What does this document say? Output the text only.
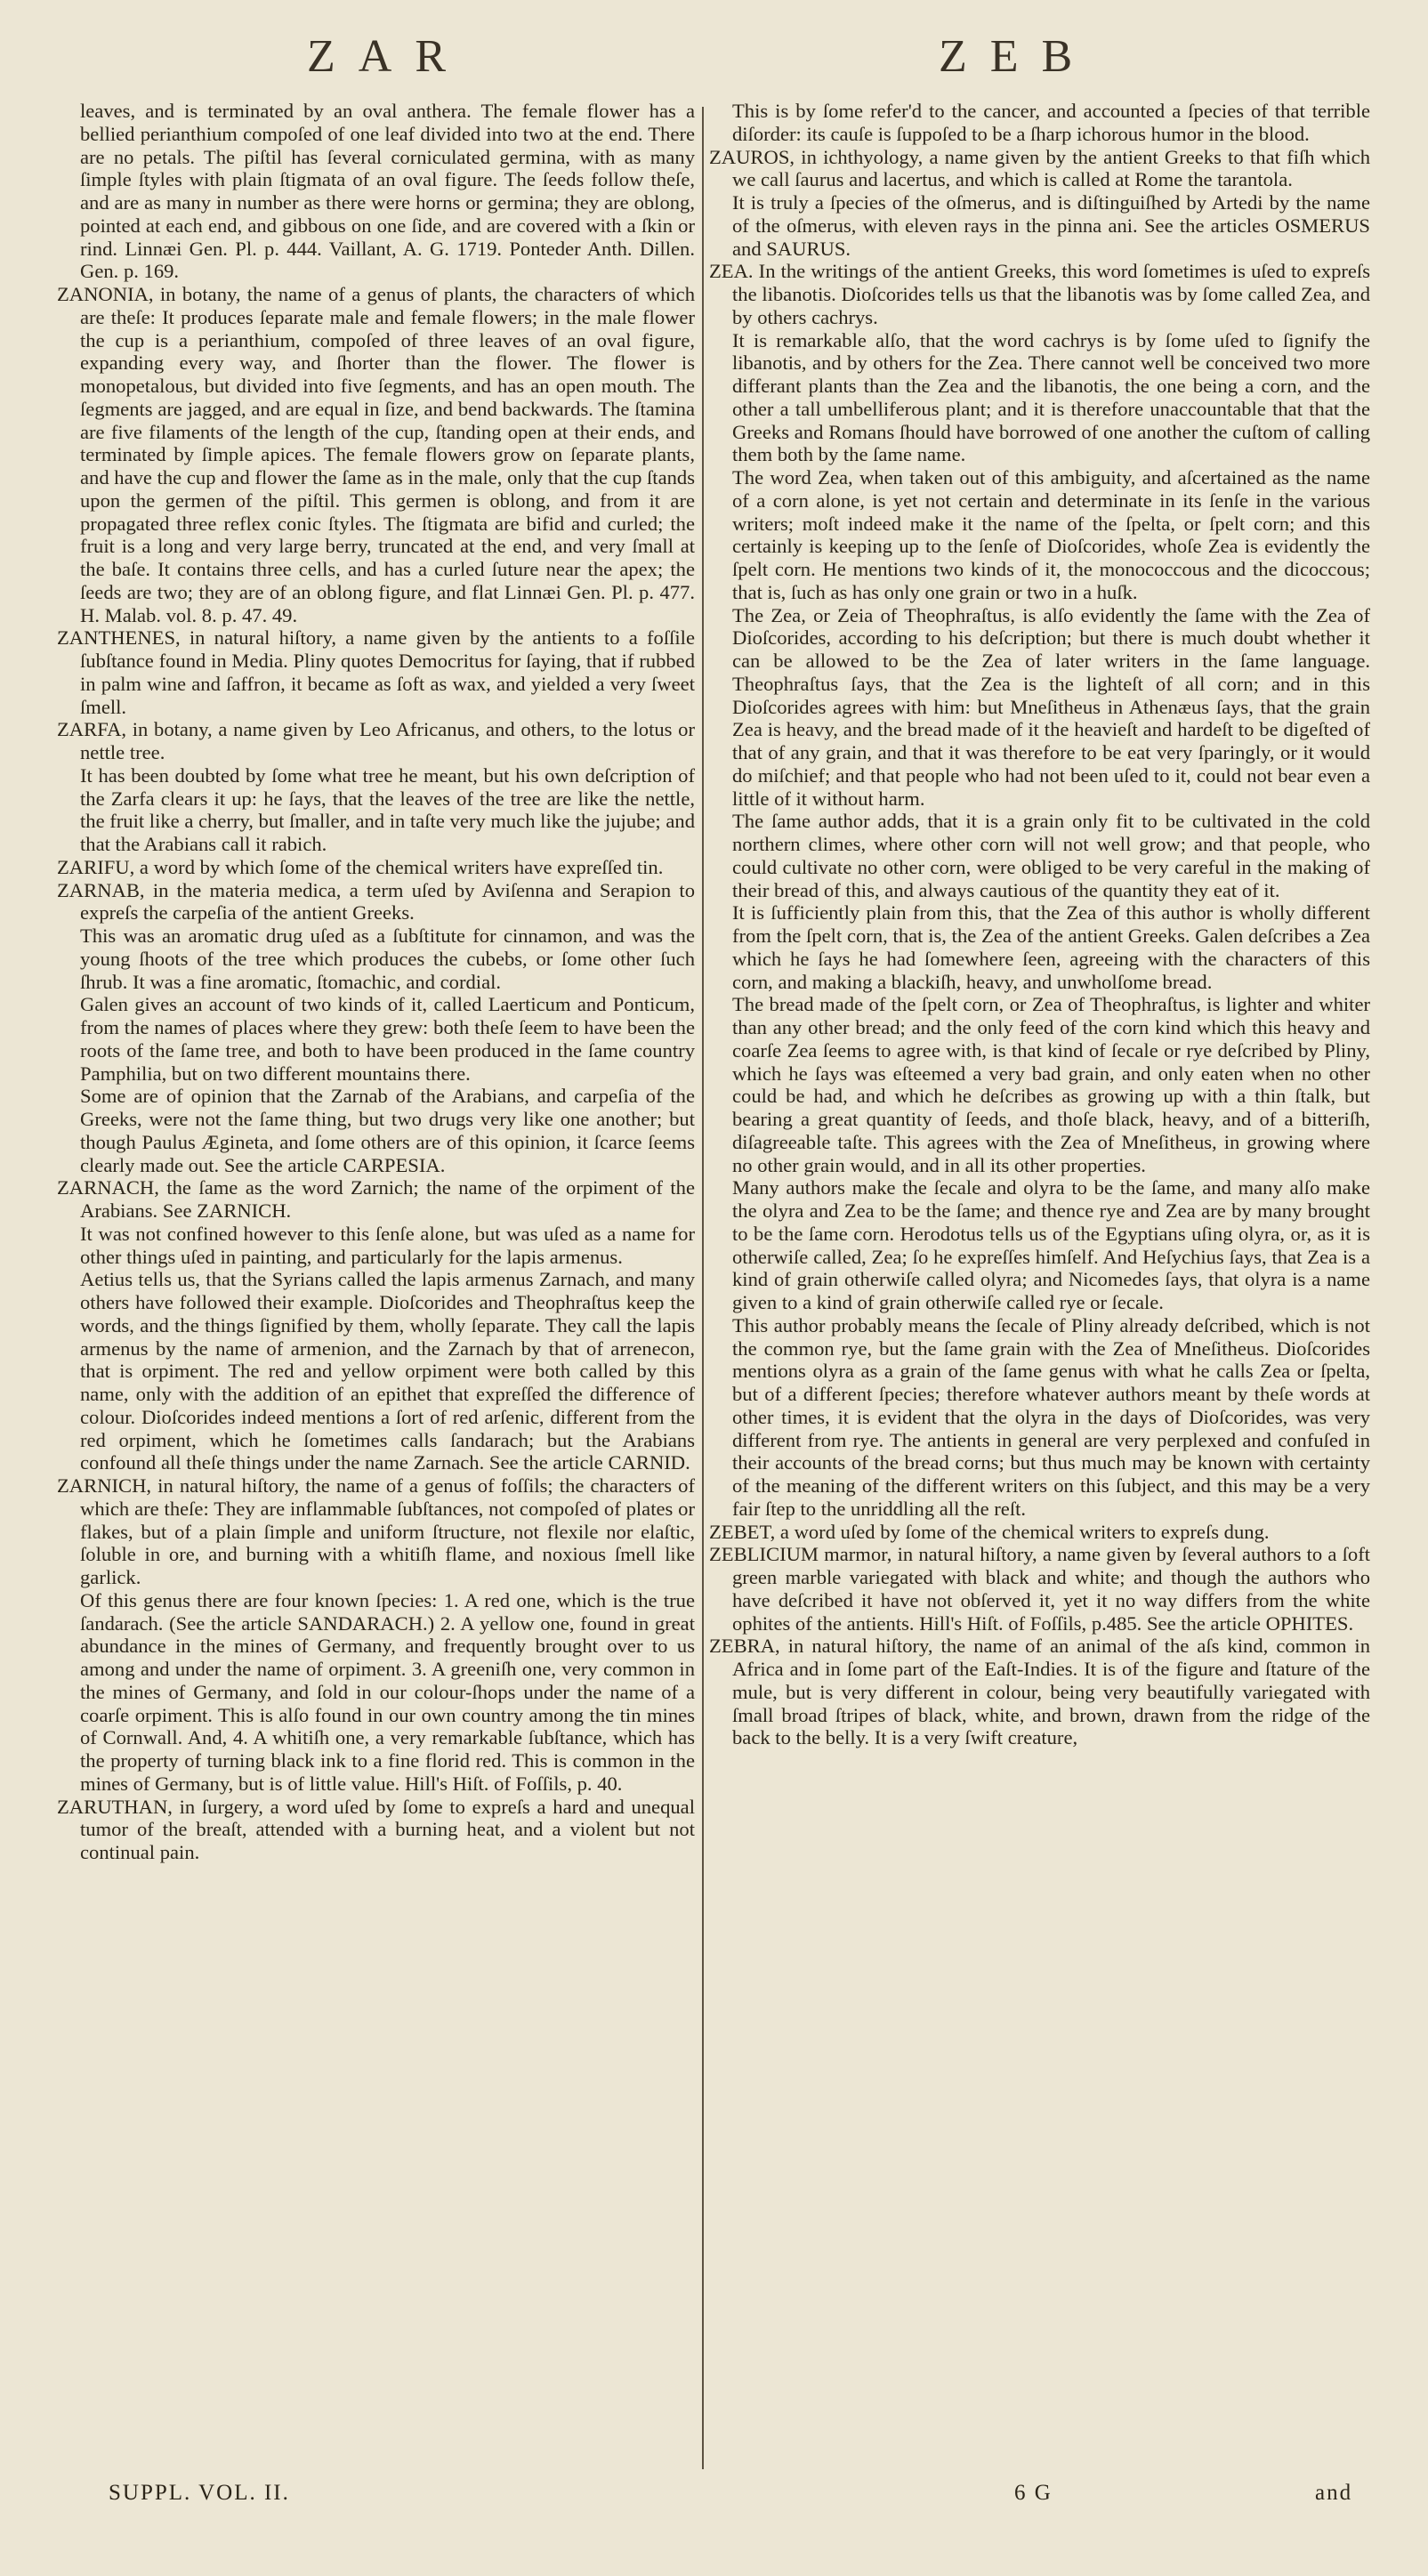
ZAR	ZEB

leaves, and is terminated by an oval anthera. The female flower has a bellied perianthium compoſed of one leaf divided into two at the end. There are no petals. The piſtil has ſeveral corniculated germina, with as many ſimple ſtyles with plain ſtigmata of an oval figure. The ſeeds follow theſe, and are as many in number as there were horns or germina; they are oblong, pointed at each end, and gibbous on one ſide, and are covered with a ſkin or rind. Linnæi Gen. Pl. p. 444. Vaillant, A. G. 1719. Ponteder Anth. Dillen. Gen. p. 169.

ZANONIA, in botany, the name of a genus of plants, the characters of which are theſe: It produces ſeparate male and female flowers; in the male flower the cup is a perianthium, compoſed of three leaves of an oval figure, expanding every way, and ſhorter than the flower. The flower is monopetalous, but divided into five ſegments, and has an open mouth. The ſegments are jagged, and are equal in ſize, and bend backwards. The ſtamina are five filaments of the length of the cup, ſtanding open at their ends, and terminated by ſimple apices. The female flowers grow on ſeparate plants, and have the cup and flower the ſame as in the male, only that the cup ſtands upon the germen of the piſtil. This germen is oblong, and from it are propagated three reflex conic ſtyles. The ſtigmata are bifid and curled; the fruit is a long and very large berry, truncated at the end, and very ſmall at the baſe. It contains three cells, and has a curled ſuture near the apex; the ſeeds are two; they are of an oblong figure, and flat Linnæi Gen. Pl. p. 477. H. Malab. vol. 8. p. 47. 49.

ZANTHENES, in natural hiſtory, a name given by the antients to a foſſile ſubſtance found in Media. Pliny quotes Democritus for ſaying, that if rubbed in palm wine and ſaffron, it became as ſoft as wax, and yielded a very ſweet ſmell.

ZARFA, in botany, a name given by Leo Africanus, and others, to the lotus or nettle tree.

It has been doubted by ſome what tree he meant, but his own deſcription of the Zarfa clears it up: he ſays, that the leaves of the tree are like the nettle, the fruit like a cherry, but ſmaller, and in taſte very much like the jujube; and that the Arabians call it rabich.

ZARIFU, a word by which ſome of the chemical writers have expreſſed tin.

ZARNAB, in the materia medica, a term uſed by Aviſenna and Serapion to expreſs the carpeſia of the antient Greeks.

This was an aromatic drug uſed as a ſubſtitute for cinnamon, and was the young ſhoots of the tree which produces the cubebs, or ſome other ſuch ſhrub. It was a fine aromatic, ſtomachic, and cordial.

Galen gives an account of two kinds of it, called Laerticum and Ponticum, from the names of places where they grew: both theſe ſeem to have been the roots of the ſame tree, and both to have been produced in the ſame country Pamphilia, but on two different mountains there.

Some are of opinion that the Zarnab of the Arabians, and carpeſia of the Greeks, were not the ſame thing, but two drugs very like one another; but though Paulus Ægineta, and ſome others are of this opinion, it ſcarce ſeems clearly made out. See the article CARPESIA.

ZARNACH, the ſame as the word Zarnich; the name of the orpiment of the Arabians. See ZARNICH.

It was not confined however to this ſenſe alone, but was uſed as a name for other things uſed in painting, and particularly for the lapis armenus.

Aetius tells us, that the Syrians called the lapis armenus Zarnach, and many others have followed their example. Dioſcorides and Theophraſtus keep the words, and the things ſignified by them, wholly ſeparate. They call the lapis armenus by the name of armenion, and the Zarnach by that of arrenecon, that is orpiment. The red and yellow orpiment were both called by this name, only with the addition of an epithet that expreſſed the difference of colour. Dioſcorides indeed mentions a ſort of red arſenic, different from the red orpiment, which he ſometimes calls ſandarach; but the Arabians confound all theſe things under the name Zarnach. See the article CARNID.

ZARNICH, in natural hiſtory, the name of a genus of foſſils; the characters of which are theſe: They are inflammable ſubſtances, not compoſed of plates or flakes, but of a plain ſimple and uniform ſtructure, not flexile nor elaſtic, ſoluble in ore, and burning with a whitiſh flame, and noxious ſmell like garlick.

Of this genus there are four known ſpecies: 1. A red one, which is the true ſandarach. (See the article SANDARACH.) 2. A yellow one, found in great abundance in the mines of Germany, and frequently brought over to us among and under the name of orpiment. 3. A greeniſh one, very common in the mines of Germany, and ſold in our colour-ſhops under the name of a coarſe orpiment. This is alſo found in our own country among the tin mines of Cornwall. And, 4. A whitiſh one, a very remarkable ſubſtance, which has the property of turning black ink to a fine florid red. This is common in the mines of Germany, but is of little value. Hill's Hiſt. of Foſſils, p. 40.

ZARUTHAN, in ſurgery, a word uſed by ſome to expreſs a hard and unequal tumor of the breaſt, attended with a burning heat, and a violent but not continual pain.

This is by ſome refer'd to the cancer, and accounted a ſpecies of that terrible diſorder: its cauſe is ſuppoſed to be a ſharp ichorous humor in the blood.

ZAUROS, in ichthyology, a name given by the antient Greeks to that fiſh which we call ſaurus and lacertus, and which is called at Rome the tarantola.

It is truly a ſpecies of the oſmerus, and is diſtinguiſhed by Artedi by the name of the oſmerus, with eleven rays in the pinna ani. See the articles OSMERUS and SAURUS.

ZEA. In the writings of the antient Greeks, this word ſometimes is uſed to expreſs the libanotis. Dioſcorides tells us that the libanotis was by ſome called Zea, and by others cachrys.

It is remarkable alſo, that the word cachrys is by ſome uſed to ſignify the libanotis, and by others for the Zea. There cannot well be conceived two more differant plants than the Zea and the libanotis, the one being a corn, and the other a tall umbelliferous plant; and it is therefore unaccountable that that the Greeks and Romans ſhould have borrowed of one another the cuſtom of calling them both by the ſame name.

The word Zea, when taken out of this ambiguity, and aſcertained as the name of a corn alone, is yet not certain and determinate in its ſenſe in the various writers; moſt indeed make it the name of the ſpelta, or ſpelt corn; and this certainly is keeping up to the ſenſe of Dioſcorides, whoſe Zea is evidently the ſpelt corn. He mentions two kinds of it, the monococcous and the dicoccous; that is, ſuch as has only one grain or two in a huſk.

The Zea, or Zeia of Theophraſtus, is alſo evidently the ſame with the Zea of Dioſcorides, according to his deſcription; but there is much doubt whether it can be allowed to be the Zea of later writers in the ſame language. Theophraſtus ſays, that the Zea is the lighteſt of all corn; and in this Dioſcorides agrees with him: but Mneſitheus in Athenæus ſays, that the grain Zea is heavy, and the bread made of it the heavieſt and hardeſt to be digeſted of that of any grain, and that it was therefore to be eat very ſparingly, or it would do miſchief; and that people who had not been uſed to it, could not bear even a little of it without harm.

The ſame author adds, that it is a grain only fit to be cultivated in the cold northern climes, where other corn will not well grow; and that people, who could cultivate no other corn, were obliged to be very careful in the making of their bread of this, and always cautious of the quantity they eat of it.

It is ſufficiently plain from this, that the Zea of this author is wholly different from the ſpelt corn, that is, the Zea of the antient Greeks. Galen deſcribes a Zea which he ſays he had ſomewhere ſeen, agreeing with the characters of this corn, and making a blackiſh, heavy, and unwholſome bread.

The bread made of the ſpelt corn, or Zea of Theophraſtus, is lighter and whiter than any other bread; and the only feed of the corn kind which this heavy and coarſe Zea ſeems to agree with, is that kind of ſecale or rye deſcribed by Pliny, which he ſays was eſteemed a very bad grain, and only eaten when no other could be had, and which he deſcribes as growing up with a thin ſtalk, but bearing a great quantity of ſeeds, and thoſe black, heavy, and of a bitteriſh, diſagreeable taſte. This agrees with the Zea of Mneſitheus, in growing where no other grain would, and in all its other properties.

Many authors make the ſecale and olyra to be the ſame, and many alſo make the olyra and Zea to be the ſame; and thence rye and Zea are by many brought to be the ſame corn. Herodotus tells us of the Egyptians uſing olyra, or, as it is otherwiſe called, Zea; ſo he expreſſes himſelf. And Heſychius ſays, that Zea is a kind of grain otherwiſe called olyra; and Nicomedes ſays, that olyra is a name given to a kind of grain otherwiſe called rye or ſecale.

This author probably means the ſecale of Pliny already deſcribed, which is not the common rye, but the ſame grain with the Zea of Mneſitheus. Dioſcorides mentions olyra as a grain of the ſame genus with what he calls Zea or ſpelta, but of a different ſpecies; therefore whatever authors meant by theſe words at other times, it is evident that the olyra in the days of Dioſcorides, was very different from rye. The antients in general are very perplexed and confuſed in their accounts of the bread corns; but thus much may be known with certainty of the meaning of the different writers on this ſubject, and this may be a very fair ſtep to the unriddling all the reſt.

ZEBET, a word uſed by ſome of the chemical writers to expreſs dung.

ZEBLICIUM marmor, in natural hiſtory, a name given by ſeveral authors to a ſoft green marble variegated with black and white; and though the authors who have deſcribed it have not obſerved it, yet it no way differs from the white ophites of the antients. Hill's Hiſt. of Foſſils, p.485. See the article OPHITES.

ZEBRA, in natural hiſtory, the name of an animal of the aſs kind, common in Africa and in ſome part of the Eaſt-Indies. It is of the figure and ſtature of the mule, but is very different in colour, being very beautifully variegated with ſmall broad ſtripes of black, white, and brown, drawn from the ridge of the back to the belly. It is a very ſwift creature,

SUPPL. VOL. II.	6 G	and
